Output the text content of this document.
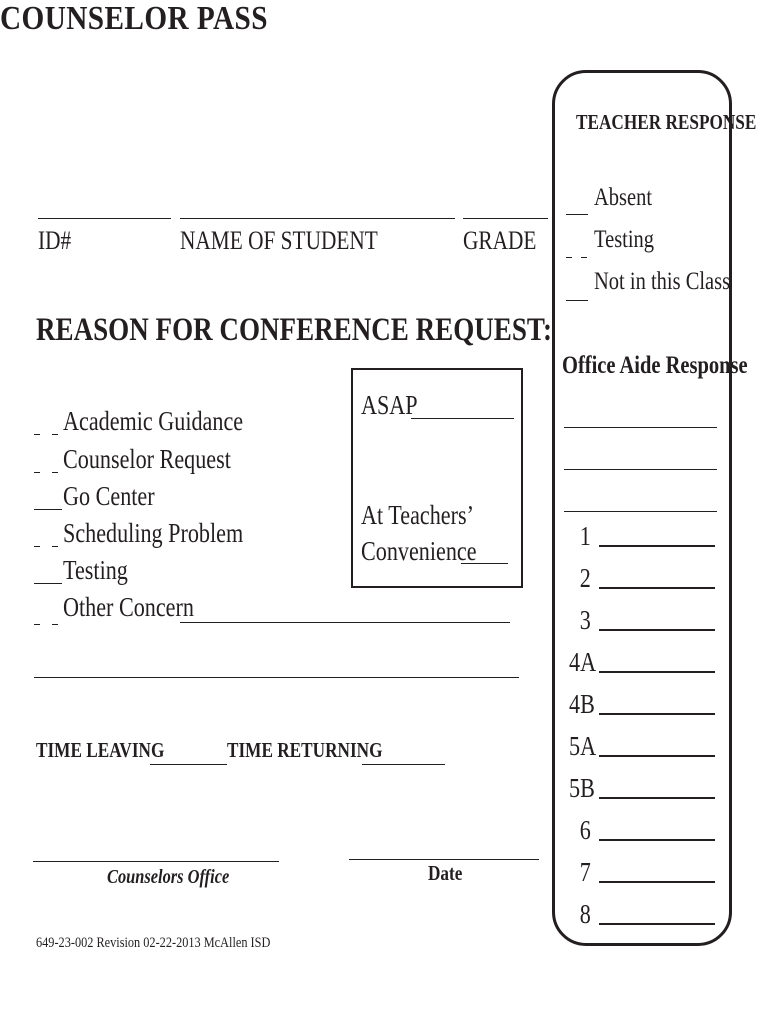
COUNSELOR PASS
ID#	NAME OF STUDENT	GRADE
REASON FOR CONFERENCE REQUEST:
Academic Guidance
Counselor Request
Go Center
Scheduling Problem
Testing
Other Concern
ASAP
At Teachers’
Convenience
TIME LEAVING	TIME RETURNING
Counselors Office	Date
649-23-002 Revision 02-22-2013 McAllen ISD
TEACHER RESPONSE
Absent
Testing
Not in this Class
Office Aide Response
1
2
3
4A
4B
5A
5B
6
7
8
